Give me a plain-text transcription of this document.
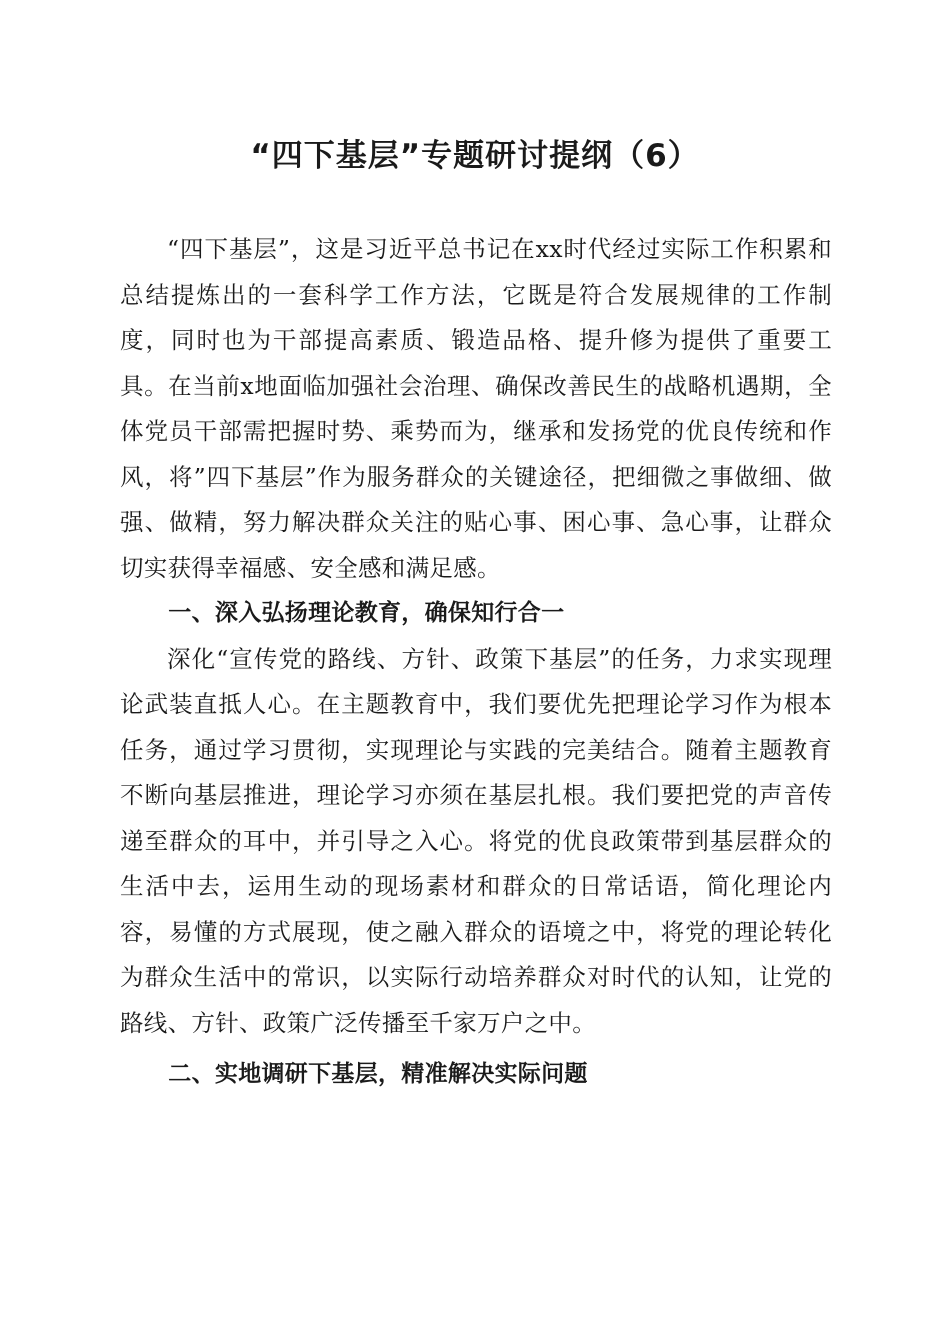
“四下基层”专题研讨提纲（6）

“四下基层”，这是习近平总书记在xx时代经过实际工作积累和总结提炼出的一套科学工作方法，它既是符合发展规律的工作制度，同时也为干部提高素质、锻造品格、提升修为提供了重要工具。在当前x地面临加强社会治理、确保改善民生的战略机遇期，全体党员干部需把握时势、乘势而为，继承和发扬党的优良传统和作风，将”四下基层”作为服务群众的关键途径，把细微之事做细、做强、做精，努力解决群众关注的贴心事、困心事、急心事，让群众切实获得幸福感、安全感和满足感。

一、深入弘扬理论教育，确保知行合一

深化“宣传党的路线、方针、政策下基层”的任务，力求实现理论武装直抵人心。在主题教育中，我们要优先把理论学习作为根本任务，通过学习贯彻，实现理论与实践的完美结合。随着主题教育不断向基层推进，理论学习亦须在基层扎根。我们要把党的声音传递至群众的耳中，并引导之入心。将党的优良政策带到基层群众的生活中去，运用生动的现场素材和群众的日常话语，简化理论内容，易懂的方式展现，使之融入群众的语境之中，将党的理论转化为群众生活中的常识，以实际行动培养群众对时代的认知，让党的路线、方针、政策广泛传播至千家万户之中。

二、实地调研下基层，精准解决实际问题
